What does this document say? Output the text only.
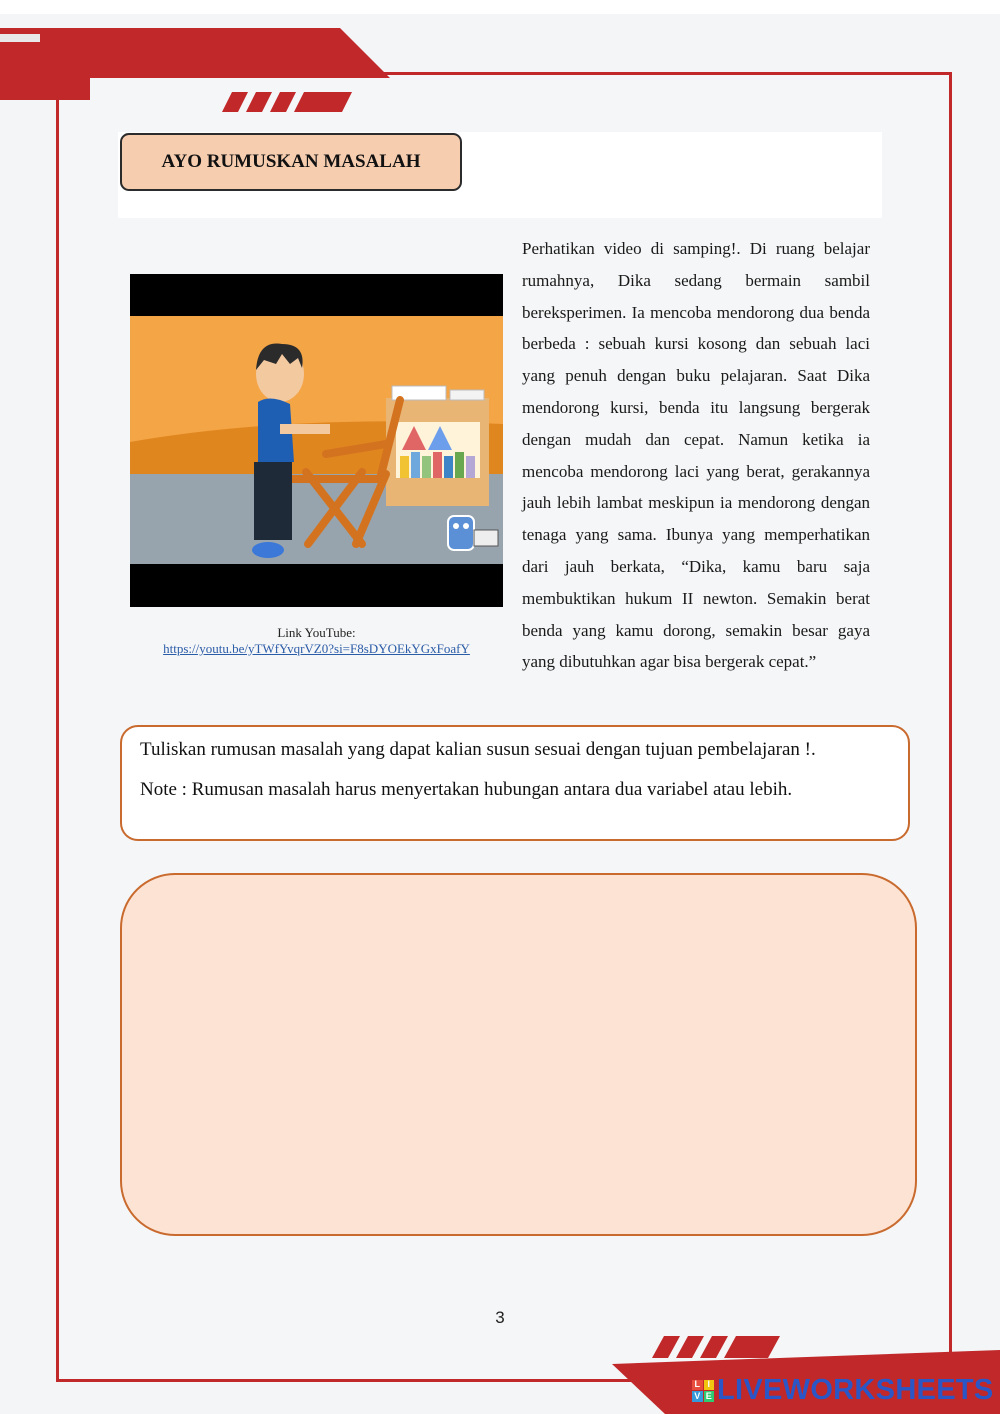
AYO RUMUSKAN MASALAH
Link YouTube:
https://youtu.be/yTWfYvqrVZ0?si=F8sDYOEkYGxFoafY

Perhatikan video di samping!. Di ruang belajar rumahnya, Dika sedang bermain sambil bereksperimen. Ia mencoba mendorong dua benda berbeda : sebuah kursi kosong dan sebuah laci yang penuh dengan buku pelajaran. Saat Dika mendorong kursi, benda itu langsung bergerak dengan mudah dan cepat. Namun ketika ia mencoba mendorong laci yang berat, gerakannya jauh lebih lambat meskipun ia mendorong dengan tenaga yang sama. Ibunya yang memperhatikan dari jauh berkata, “Dika, kamu baru saja membuktikan hukum II newton. Semakin berat benda yang kamu dorong, semakin besar gaya yang dibutuhkan agar bisa bergerak cepat.”

Tuliskan rumusan masalah yang dapat kalian susun sesuai dengan tujuan pembelajaran !.
Note : Rumusan masalah harus menyertakan hubungan antara dua variabel atau lebih.
3
L I
V E LIVEWORKSHEETS
